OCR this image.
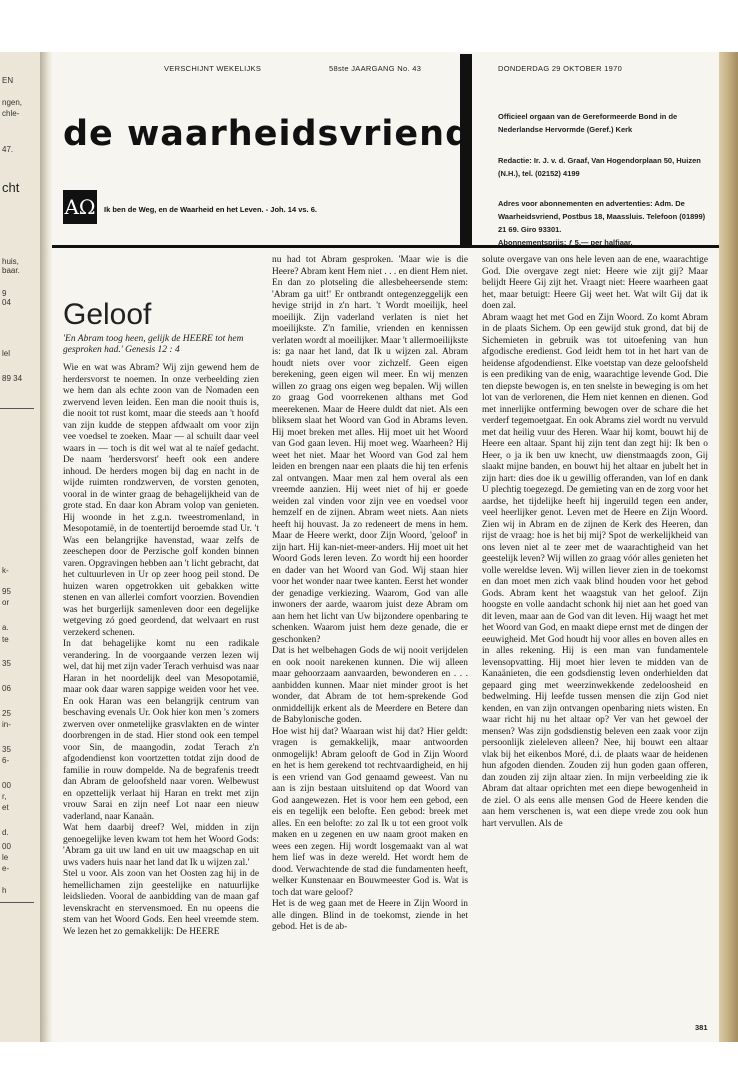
EN
ngen,
chle-
47.
cht
huis,
baar.
9
04
lel
89 34
k-
95
or
a.
te
35
06
25
in-
35
6-
00
r,
et
d.
00
le
e-
h
VERSCHIJNT WEKELIJKS	58ste JAARGANG No. 43	DONDERDAG 29 OKTOBER 1970
de waarheidsvriend
AΩ Ik ben de Weg, en de Waarheid en het Leven. - Joh. 14 vs. 6.

Officieel orgaan van de Gereformeerde Bond in de Nederlandse Hervormde (Geref.) Kerk

Redactie: Ir. J. v. d. Graaf, Van Hogendorplaan 50, Huizen (N.H.), tel. (02152) 4199

Adres voor abonnementen en advertenties: Adm. De Waarheidsvriend, Postbus 18, Maassluis. Telefoon (01899) 21 69. Giro 93301.

Abonnementsprijs: ƒ 5,— per halfjaar.

Geloof

'En Abram toog heen, gelijk de HEERE tot hem gesproken had.' Genesis 12 : 4

Wie en wat was Abram? Wij zijn gewend hem de herdersvorst te noemen. In onze verbeelding zien we hem dan als echte zoon van de Nomaden een zwervend leven leiden. Een man die nooit thuis is, die nooit tot rust komt, maar die steeds aan 't hoofd van zijn kudde de steppen afdwaalt om voor zijn vee voedsel te zoeken. Maar — al schuilt daar veel waars in — toch is dit wel wat al te naïef gedacht. De naam 'herdersvorst' heeft ook een andere inhoud. De herders mogen bij dag en nacht in de wijde ruimten rondzwerven, de vorsten genoten, vooral in de winter graag de behagelijkheid van de grote stad. En daar kon Abram volop van genieten. Hij woonde in het z.g.n. tweestromenland, in Mesopotamië, in de toentertijd beroemde stad Ur. 't Was een belangrijke havenstad, waar zelfs de zeeschepen door de Perzische golf konden binnen varen. Opgravingen hebben aan 't licht gebracht, dat het cultuurleven in Ur op zeer hoog peil stond. De huizen waren opgetrokken uit gebakken witte stenen en van allerlei comfort voorzien. Bovendien was het burgerlijk samenleven door een degelijke wetgeving zó goed geordend, dat welvaart en rust verzekerd schenen.

In dat behagelijke komt nu een radikale verandering. In de voorgaande verzen lezen wij wel, dat hij met zijn vader Terach verhuisd was naar Haran in het noordelijk deel van Mesopotamië, maar ook daar waren sappige weiden voor het vee. En ook Haran was een belangrijk centrum van beschaving evenals Ur. Ook hier kon men 's zomers zwerven over onmetelijke grasvlakten en de winter doorbrengen in de stad. Hier stond ook een tempel voor Sin, de maangodin, zodat Terach z'n afgodendienst kon voortzetten totdat zijn dood de familie in rouw dompelde. Na de begrafenis treedt dan Abram de geloofsheld naar voren. Welbewust en opzettelijk verlaat hij Haran en trekt met zijn vrouw Sarai en zijn neef Lot naar een nieuw vaderland, naar Kanaän.

Wat hem daarbij dreef? Wel, midden in zijn genoegelijke leven kwam tot hem het Woord Gods: 'Abram ga uit uw land en uit uw maagschap en uit uws vaders huis naar het land dat Ik u wijzen zal.'

Stel u voor. Als zoon van het Oosten zag hij in de hemellichamen zijn geestelijke en natuurlijke leidslieden. Vooral de aanbidding van de maan gaf levenskracht en stervensmoed. En nu opeens die stem van het Woord Gods. Een heel vreemde stem. We lezen het zo gemakkelijk: De HEERE

nu had tot Abram gesproken. 'Maar wie is die Heere? Abram kent Hem niet . . . en dient Hem niet. En dan zo plotseling die allesbeheersende stem: 'Abram ga uit!' Er ontbrandt ontegenzeggelijk een hevige strijd in z'n hart. 't Wordt moeilijk, heel moeilijk. Zijn vaderland verlaten is niet het moeilijkste. Z'n familie, vrienden en kennissen verlaten wordt al moeilijker. Maar 't allermoeilijkste is: ga naar het land, dat Ik u wijzen zal. Abram houdt niets over voor zichzelf. Geen eigen berekening, geen eigen wil meer. En wij menzen willen zo graag ons eigen weg bepalen. Wij willen zo graag God voorrekenen althans met God meerekenen. Maar de Heere duldt dat niet. Als een bliksem slaat het Woord van God in Abrams leven. Hij moet breken met alles. Hij moet uit het Woord van God gaan leven. Hij moet weg. Waarheen? Hij weet het niet. Maar het Woord van God zal hem leiden en brengen naar een plaats die hij ten erfenis zal ontvangen. Maar men zal hem overal als een vreemde aanzien. Hij weet niet of hij er goede weiden zal vinden voor zijn vee en voedsel voor hemzelf en de zijnen. Abram weet niets. Aan niets heeft hij houvast. Ja zo redeneert de mens in hem. Maar de Heere werkt, door Zijn Woord, 'geloof' in zijn hart. Hij kan-niet-meer-anders. Hij moet uit het Woord Gods leren leven. Zo wordt hij een hoorder en dader van het Woord van God. Wij staan hier voor het wonder naar twee kanten. Eerst het wonder der genadige verkiezing. Waarom, God van alle inwoners der aarde, waarom juist deze Abram om aan hem het licht van Uw bijzondere openbaring te schenken. Waarom juist hem deze genade, die er geschonken?

Dat is het welbehagen Gods de wij nooit verijdelen en ook nooit narekenen kunnen. Die wij alleen maar gehoorzaam aanvaarden, bewonderen en . . . aanbidden kunnen. Maar niet minder groot is het wonder, dat Abram de tot hem-sprekende God onmiddellijk erkent als de Meerdere en Betere dan de Babylonische goden.

Hoe wist hij dat? Waaraan wist hij dat? Hier geldt: vragen is gemakkelijk, maar antwoorden onmogelijk! Abram gelooft de God in Zijn Woord en het is hem gerekend tot rechtvaardigheid, en hij is een vriend van God genaamd geweest. Van nu aan is zijn bestaan uitsluitend op dat Woord van God aangewezen. Het is voor hem een gebod, een eis en tegelijk een belofte. Een gebod: breek met alles. En een belofte: zo zal Ik u tot een groot volk maken en u zegenen en uw naam groot maken en wees een zegen. Hij wordt losgemaakt van al wat hem lief was in deze wereld. Het wordt hem de dood. Verwachtende de stad die fundamenten heeft, welker Kunstenaar en Bouwmeester God is. Wat is toch dat ware geloof?

Het is de weg gaan met de Heere in Zijn Woord in alle dingen. Blind in de toekomst, ziende in het gebod. Het is de ab-

solute overgave van ons hele leven aan de ene, waarachtige God. Die overgave zegt niet: Heere wie zijt gij? Maar belijdt Heere Gij zijt het. Vraagt niet: Heere waarheen gaat het, maar betuigt: Heere Gij weet het. Wat wilt Gij dat ik doen zal.

Abram waagt het met God en Zijn Woord. Zo komt Abram in de plaats Sichem. Op een gewijd stuk grond, dat bij de Sichemieten in gebruik was tot uitoefening van hun afgodische eredienst. God leidt hem tot in het hart van de heidense afgodendienst. Elke voetstap van deze geloofsheld is een prediking van de enig, waarachtige levende God. Die ten diepste bewogen is, en ten snelste in beweging is om het lot van de verlorenen, die Hem niet kennen en dienen. God met innerlijke ontferming bewogen over de schare die het verderf tegemoetgaat. En ook Abrams ziel wordt nu vervuld met dat heilig vuur des Heren. Waar hij komt, bouwt hij de Heere een altaar. Spant hij zijn tent dan zegt hij: Ik ben o Heer, o ja ik ben uw knecht, uw dienstmaagds zoon, Gij slaakt mijne banden, en bouwt hij het altaar en jubelt het in zijn hart: dies doe ik u gewillig offeranden, van lof en dank U plechtig toegezegd. De gemieting van en de zorg voor het aardse, het tijdelijke heeft hij ingeruild tegen een ander, veel heerlijker genot. Leven met de Heere en Zijn Woord. Zien wij in Abram en de zijnen de Kerk des Heeren, dan rijst de vraag: hoe is het bij mij? Spot de werkelijkheid van ons leven niet al te zeer met de waarachtigheid van het geestelijk leven? Wij willen zo graag vóór alles genieten het volle wereldse leven. Wij willen liever zien in de toekomst en dan moet men zich vaak blind houden voor het gebod Gods. Abram kent het waagstuk van het geloof. Zijn hoogste en volle aandacht schonk hij niet aan het goed van dit leven, maar aan de God van dit leven. Hij waagt het met het Woord van God, en maakt diepe ernst met de dingen der eeuwigheid. Met God houdt hij voor alles en boven alles en in alles rekening. Hij is een man van fundamentele levensopvatting. Hij moet hier leven te midden van de Kanaänieten, die een godsdienstig leven onderhielden dat gepaard ging met weerzinwekkende zedeloosheid en bedwelming. Hij leefde tussen mensen die zijn God niet kenden, en van zijn ontvangen openbaring niets wisten. En waar richt hij nu het altaar op? Ver van het gewoel der mensen? Was zijn godsdienstig beleven een zaak voor zijn persoonlijk zieleleven alleen? Nee, hij bouwt een altaar vlak bij het eikenbos Moré, d.i. de plaats waar de heidenen hun afgoden dienden. Zouden zij hun goden gaan offeren, dan zouden zij zijn altaar zien. In mijn verbeelding zie ik Abram dat altaar oprichten met een diepe bewogenheid in de ziel. O als eens alle mensen God de Heere kenden die aan hem verschenen is, wat een diepe vrede zou ook hun hart vervullen. Als de

381
